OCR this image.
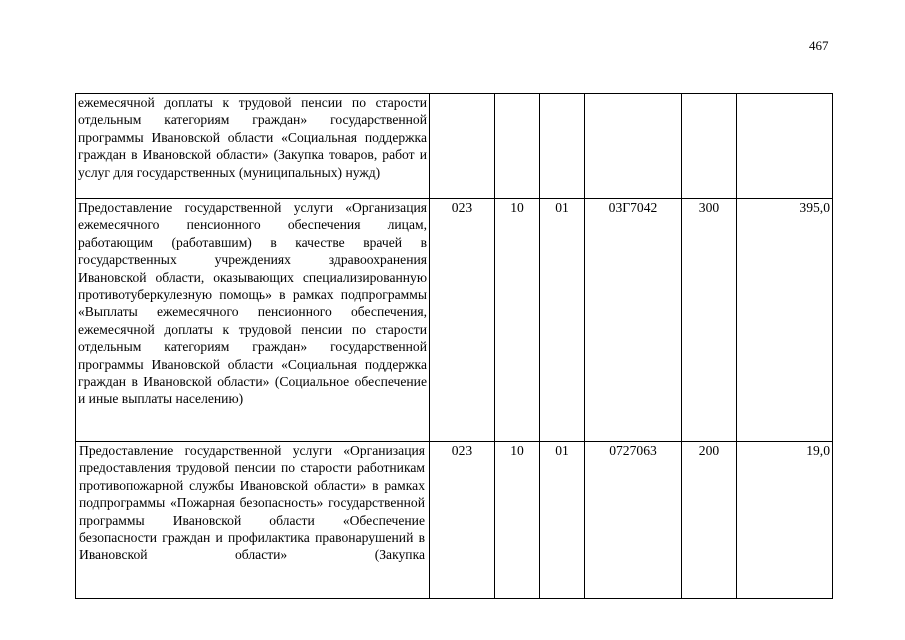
467
ежемесячной доплаты к трудовой пенсии по старости отдельным категориям граждан» государственной программы Ивановской области «Социальная поддержка граждан в Ивановской области» (Закупка товаров, работ и услуг для государственных (муниципальных) нужд)						
Предоставление государственной услуги «Организация ежемесячного пенсионного обеспечения лицам, работающим (работавшим) в качестве врачей в государственных учреждениях здравоохранения Ивановской области, оказывающих специализированную противотуберкулезную помощь» в рамках подпрограммы «Выплаты ежемесячного пенсионного обеспечения, ежемесячной доплаты к трудовой пенсии по старости отдельным категориям граждан» государственной программы Ивановской области «Социальная поддержка граждан в Ивановской области» (Социальное обеспечение и иные выплаты населению)	023	10	01	03Г7042	300	395,0

Предоставление государственной услуги «Организация предоставления трудовой пенсии по старости работникам противопожарной службы Ивановской области» в рамках подпрограммы «Пожарная безопасность» государственной программы Ивановской области «Обеспечение безопасности граждан и профилактика правонарушений в Ивановской области» (Закупка	023	10	01	0727063	200	19,0
